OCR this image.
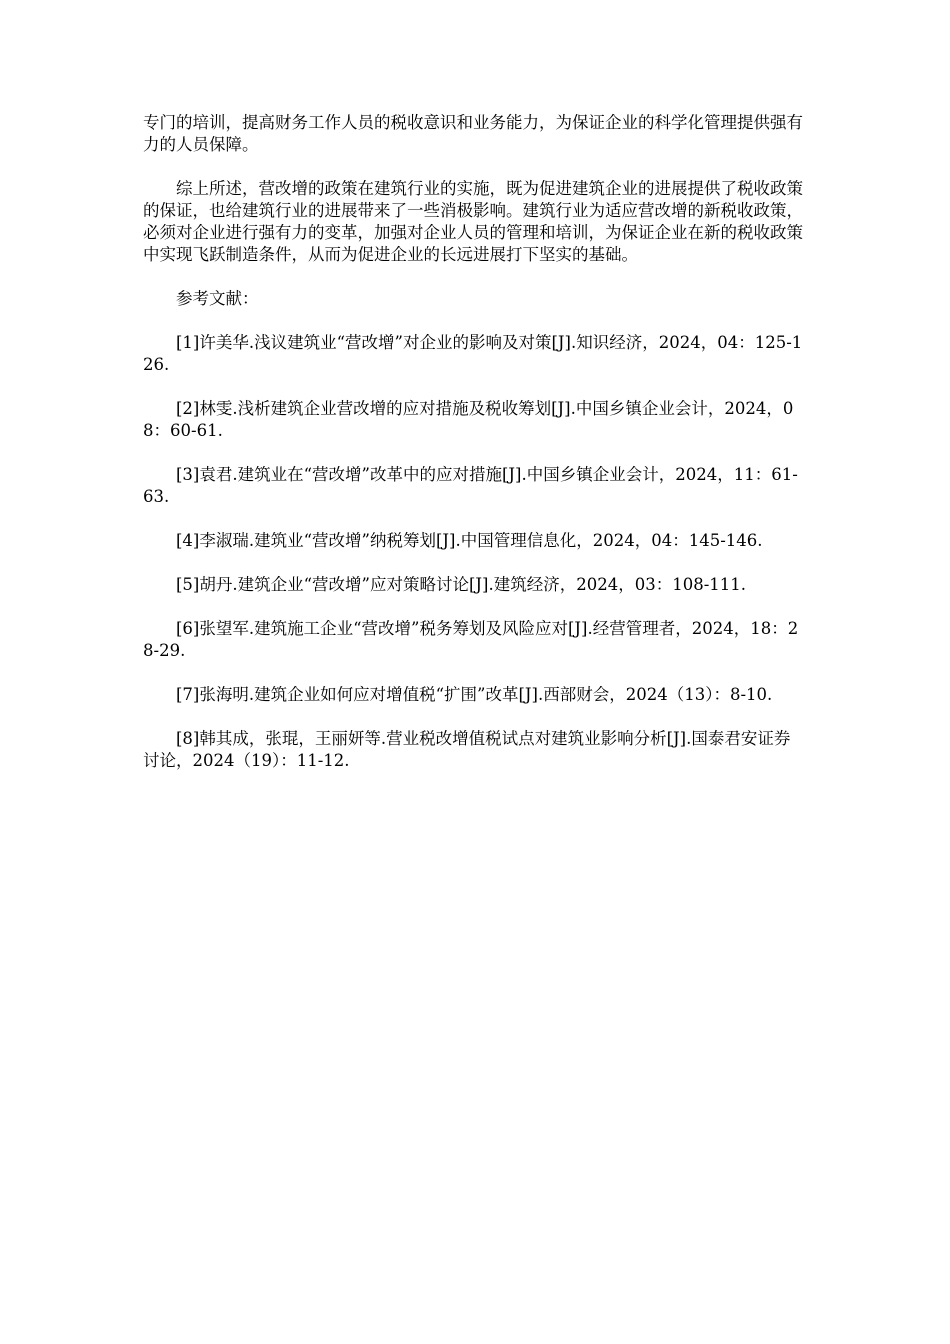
专门的培训，提高财务工作人员的税收意识和业务能力，为保证企业的科学化管理提供强有力的人员保障。

综上所述，营改增的政策在建筑行业的实施，既为促进建筑企业的进展提供了税收政策的保证，也给建筑行业的进展带来了一些消极影响。建筑行业为适应营改增的新税收政策，必须对企业进行强有力的变革，加强对企业人员的管理和培训，为保证企业在新的税收政策中实现飞跃制造条件，从而为促进企业的长远进展打下坚实的基础。

参考文献：

[1]许美华.浅议建筑业“营改增”对企业的影响及对策[J].知识经济，2024，04：125-126.

[2]林雯.浅析建筑企业营改增的应对措施及税收筹划[J].中国乡镇企业会计，2024，08：60-61.

[3]袁君.建筑业在“营改增”改革中的应对措施[J].中国乡镇企业会计，2024，11：61-63.

[4]李淑瑞.建筑业“营改增”纳税筹划[J].中国管理信息化，2024，04：145-146.

[5]胡丹.建筑企业“营改增”应对策略讨论[J].建筑经济，2024，03：108-111.

[6]张望军.建筑施工企业“营改增”税务筹划及风险应对[J].经营管理者，2024，18：28-29.

[7]张海明.建筑企业如何应对增值税“扩围”改革[J].西部财会，2024（13）：8-10.

[8]韩其成，张琨，王丽妍等.营业税改增值税试点对建筑业影响分析[J].国泰君安证券讨论，2024（19）：11-12.
